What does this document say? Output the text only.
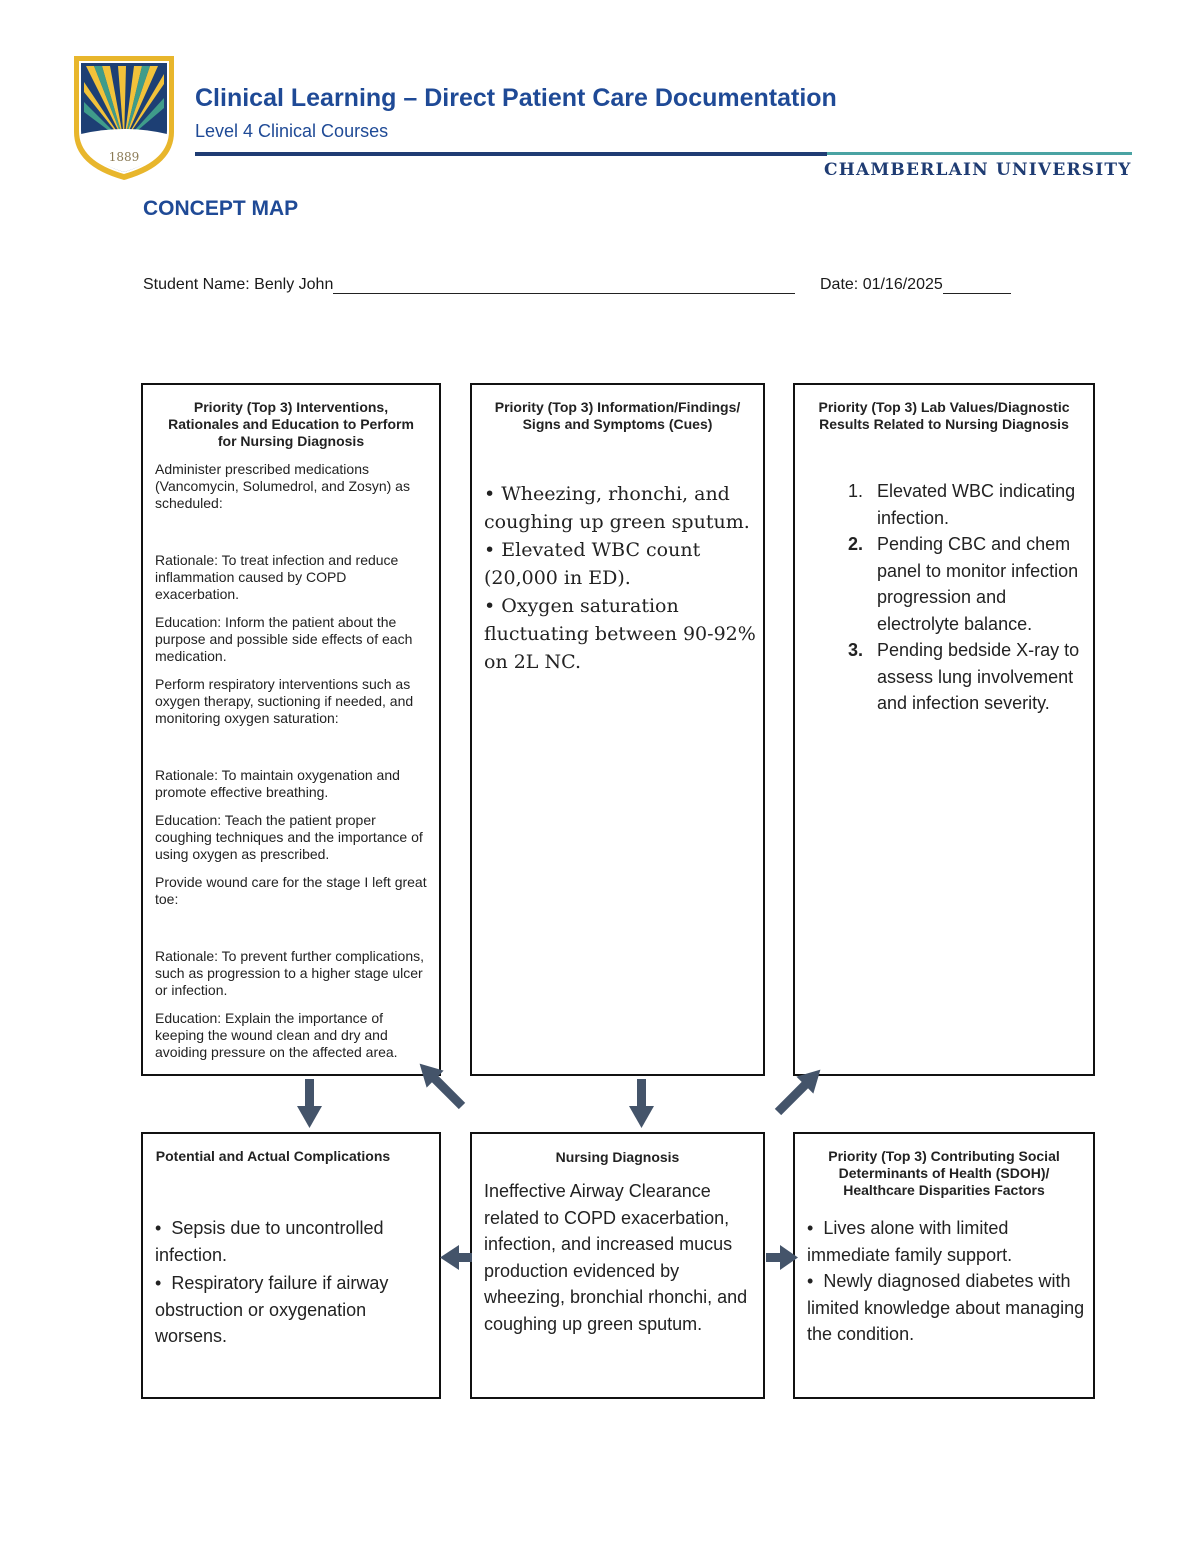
1889
Clinical Learning – Direct Patient Care Documentation
Level 4 Clinical Courses
CHAMBERLAIN UNIVERSITY
CONCEPT MAP
Student Name: Benly John	Date: 01/16/2025
Priority (Top 3) Interventions, Rationales and Education to Perform for Nursing Diagnosis
Administer prescribed medications (Vancomycin, Solumedrol, and Zosyn) as scheduled:
Rationale: To treat infection and reduce inflammation caused by COPD exacerbation.
Education: Inform the patient about the purpose and possible side effects of each medication.
Perform respiratory interventions such as oxygen therapy, suctioning if needed, and monitoring oxygen saturation:
Rationale: To maintain oxygenation and promote effective breathing.
Education: Teach the patient proper coughing techniques and the importance of using oxygen as prescribed.
Provide wound care for the stage I left great toe:
Rationale: To prevent further complications, such as progression to a higher stage ulcer or infection.
Education: Explain the importance of keeping the wound clean and dry and avoiding pressure on the affected area.
Priority (Top 3) Information/Findings/ Signs and Symptoms (Cues)
• Wheezing, rhonchi, and coughing up green sputum.
• Elevated WBC count (20,000 in ED).
• Oxygen saturation fluctuating between 90-92% on 2L NC.
Priority (Top 3) Lab Values/Diagnostic Results Related to Nursing Diagnosis
1. Elevated WBC indicating infection.
2. Pending CBC and chem panel to monitor infection progression and electrolyte balance.
3. Pending bedside X-ray to assess lung involvement and infection severity.
Potential and Actual Complications
• Sepsis due to uncontrolled infection.
• Respiratory failure if airway obstruction or oxygenation worsens.
Nursing Diagnosis
Ineffective Airway Clearance related to COPD exacerbation, infection, and increased mucus production evidenced by wheezing, bronchial rhonchi, and coughing up green sputum.
Priority (Top 3) Contributing Social Determinants of Health (SDOH)/ Healthcare Disparities Factors
• Lives alone with limited immediate family support.
• Newly diagnosed diabetes with limited knowledge about managing the condition.
